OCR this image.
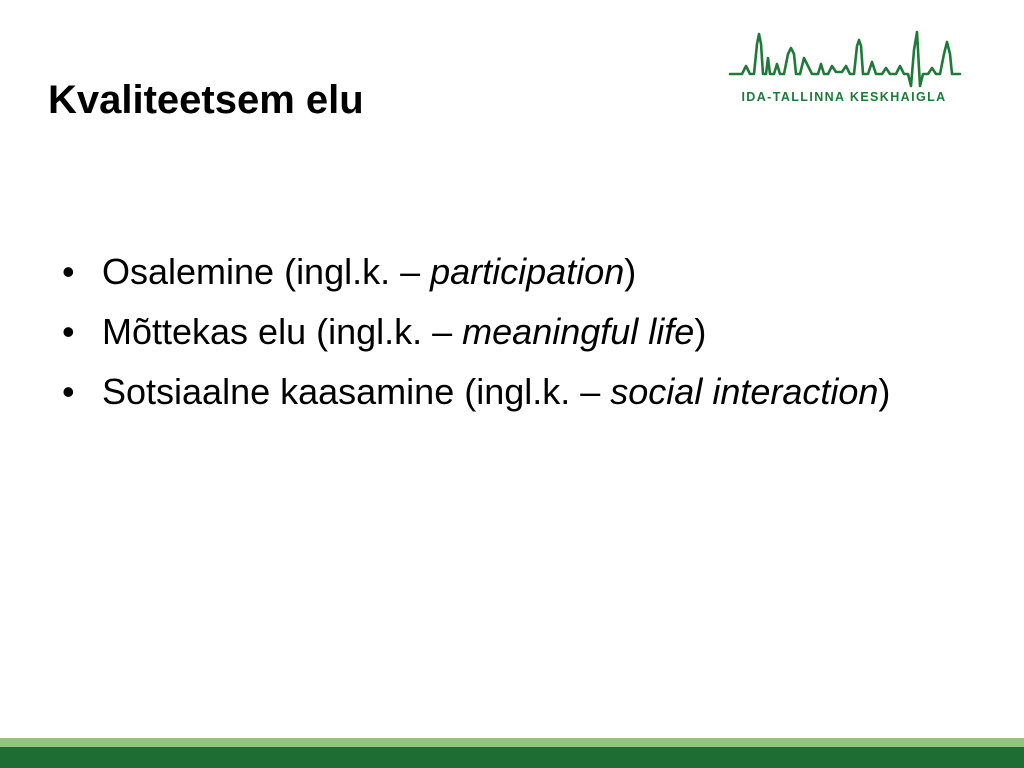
Kvaliteetsem elu	IDA-TALLINNA KESKHAIGLA
• Osalemine (ingl.k. – participation)
• Mõttekas elu (ingl.k. – meaningful life)
• Sotsiaalne kaasamine (ingl.k. – social interaction)
